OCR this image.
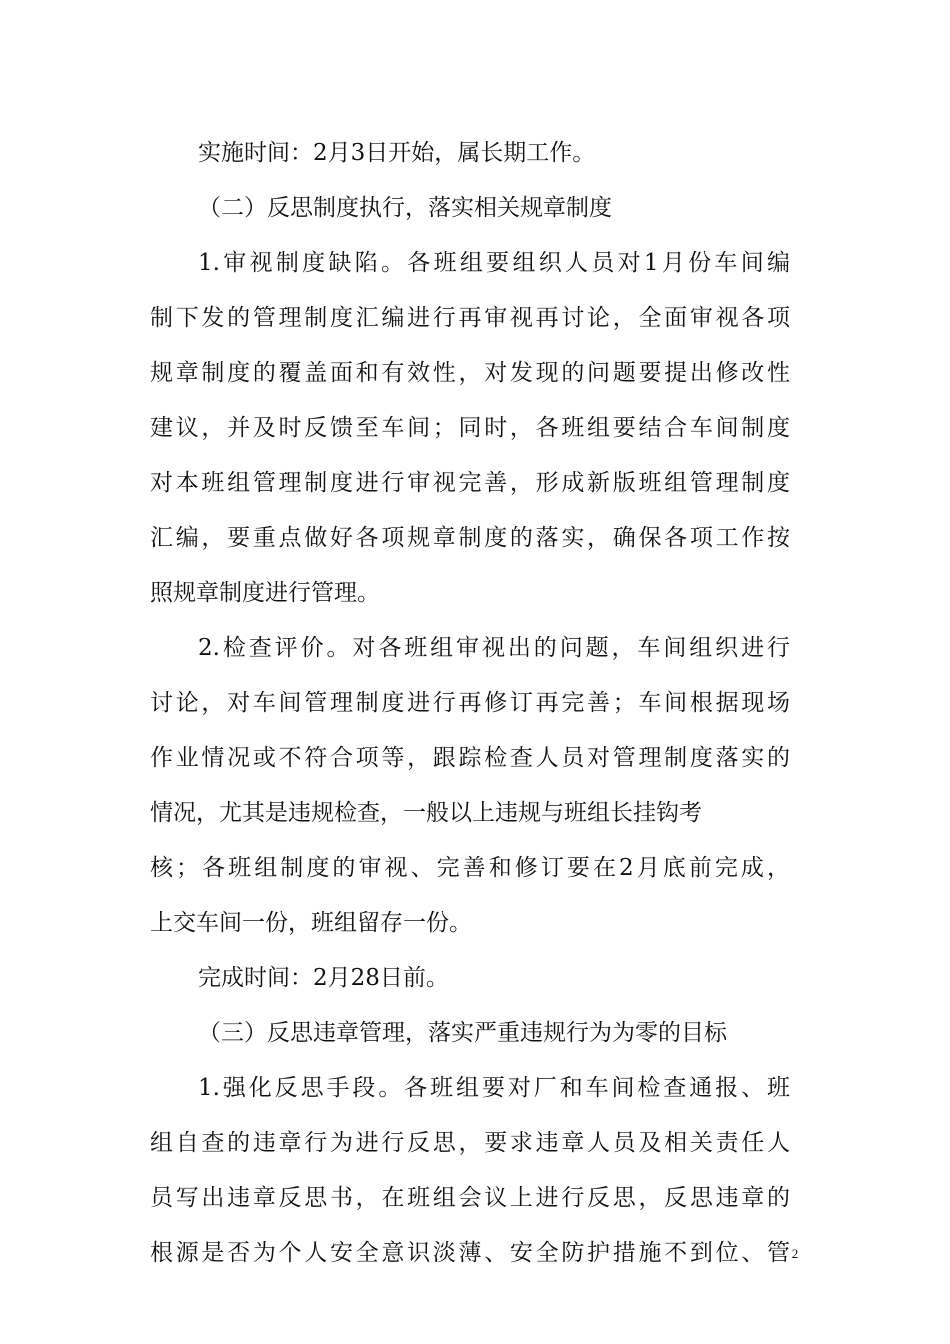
实施时间：2月3日开始，属长期工作。
（二）反思制度执行，落实相关规章制度
1.审视制度缺陷。各班组要组织人员对1月份车间编
制下发的管理制度汇编进行再审视再讨论，全面审视各项
规章制度的覆盖面和有效性，对发现的问题要提出修改性
建议，并及时反馈至车间；同时，各班组要结合车间制度
对本班组管理制度进行审视完善，形成新版班组管理制度
汇编，要重点做好各项规章制度的落实，确保各项工作按
照规章制度进行管理。
2.检查评价。对各班组审视出的问题，车间组织进行
讨论，对车间管理制度进行再修订再完善；车间根据现场
作业情况或不符合项等，跟踪检查人员对管理制度落实的
情况，尤其是违规检查，一般以上违规与班组长挂钩考
核；各班组制度的审视、完善和修订要在2月底前完成，
上交车间一份，班组留存一份。
完成时间：2月28日前。
（三）反思违章管理，落实严重违规行为为零的目标
1.强化反思手段。各班组要对厂和车间检查通报、班
组自查的违章行为进行反思，要求违章人员及相关责任人
员写出违章反思书，在班组会议上进行反思，反思违章的
根源是否为个人安全意识淡薄、安全防护措施不到位、管 2
